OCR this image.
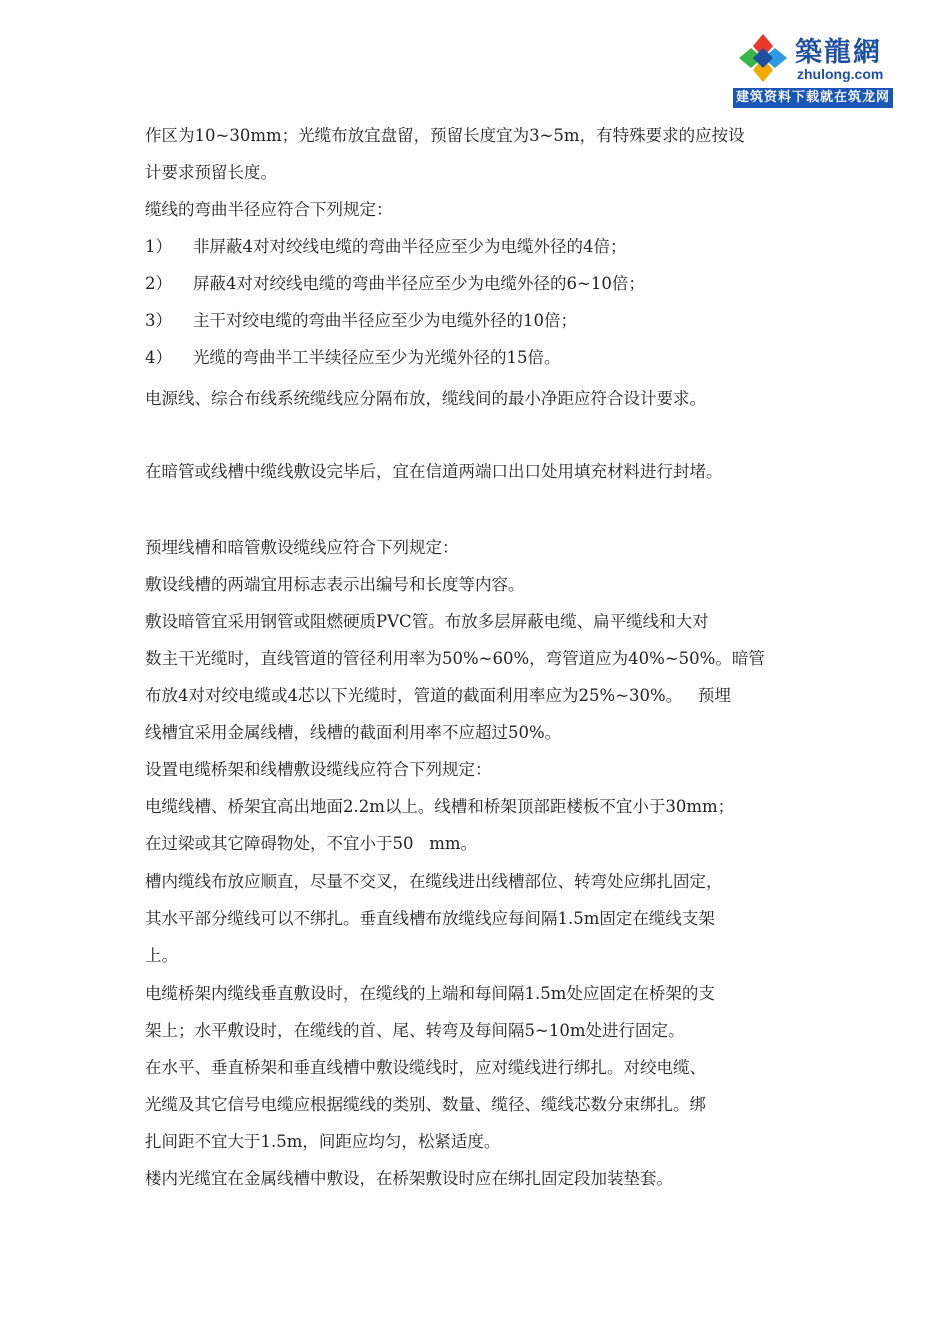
築龍網
zhulong.com
建筑资料下载就在筑龙网
作区为10~30mm；光缆布放宜盘留，预留长度宜为3~5m，有特殊要求的应按设
计要求预留长度。
缆线的弯曲半径应符合下列规定：
1） 非屏蔽4对对绞线电缆的弯曲半径应至少为电缆外径的4倍；
2） 屏蔽4对对绞线电缆的弯曲半径应至少为电缆外径的6~10倍；
3） 主干对绞电缆的弯曲半径应至少为电缆外径的10倍；
4） 光缆的弯曲半工半续径应至少为光缆外径的15倍。
电源线、综合布线系统缆线应分隔布放，缆线间的最小净距应符合设计要求。
在暗管或线槽中缆线敷设完毕后，宜在信道两端口出口处用填充材料进行封堵。
预埋线槽和暗管敷设缆线应符合下列规定：
敷设线槽的两端宜用标志表示出编号和长度等内容。
敷设暗管宜采用钢管或阻燃硬质PVC管。布放多层屏蔽电缆、扁平缆线和大对
数主干光缆时，直线管道的管径利用率为50%~60%，弯管道应为40%~50%。暗管
布放4对对绞电缆或4芯以下光缆时，管道的截面利用率应为25%~30%。   预埋
线槽宜采用金属线槽，线槽的截面利用率不应超过50%。
设置电缆桥架和线槽敷设缆线应符合下列规定：
电缆线槽、桥架宜高出地面2.2m以上。线槽和桥架顶部距楼板不宜小于30mm；
在过梁或其它障碍物处，不宜小于50   mm。
槽内缆线布放应顺直，尽量不交叉，在缆线进出线槽部位、转弯处应绑扎固定，
其水平部分缆线可以不绑扎。垂直线槽布放缆线应每间隔1.5m固定在缆线支架
上。
电缆桥架内缆线垂直敷设时，在缆线的上端和每间隔1.5m处应固定在桥架的支
架上；水平敷设时，在缆线的首、尾、转弯及每间隔5~10m处进行固定。
在水平、垂直桥架和垂直线槽中敷设缆线时，应对缆线进行绑扎。对绞电缆、
光缆及其它信号电缆应根据缆线的类别、数量、缆径、缆线芯数分束绑扎。绑
扎间距不宜大于1.5m，间距应均匀，松紧适度。
楼内光缆宜在金属线槽中敷设，在桥架敷设时应在绑扎固定段加装垫套。
